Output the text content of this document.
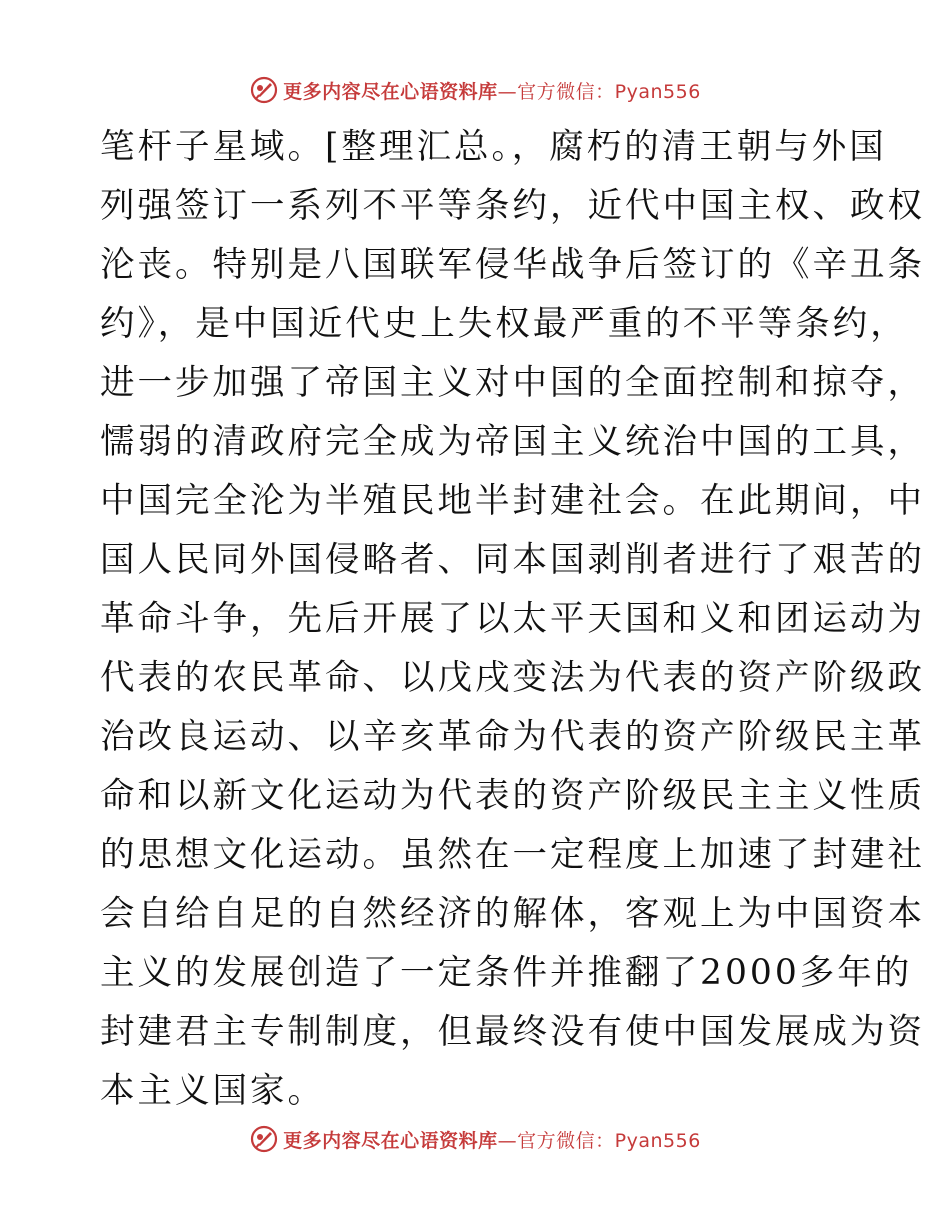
更多内容尽在心语资料库—官方微信：Pyan556
笔杆子星域。[整理汇总。，腐朽的清王朝与外国
列强签订一系列不平等条约，近代中国主权、政权
沦丧。特别是八国联军侵华战争后签订的《辛丑条
约》，是中国近代史上失权最严重的不平等条约，
进一步加强了帝国主义对中国的全面控制和掠夺，
懦弱的清政府完全成为帝国主义统治中国的工具，
中国完全沦为半殖民地半封建社会。在此期间，中
国人民同外国侵略者、同本国剥削者进行了艰苦的
革命斗争，先后开展了以太平天国和义和团运动为
代表的农民革命、以戊戌变法为代表的资产阶级政
治改良运动、以辛亥革命为代表的资产阶级民主革
命和以新文化运动为代表的资产阶级民主主义性质
的思想文化运动。虽然在一定程度上加速了封建社
会自给自足的自然经济的解体，客观上为中国资本
主义的发展创造了一定条件并推翻了2000多年的
封建君主专制制度，但最终没有使中国发展成为资
本主义国家。
更多内容尽在心语资料库—官方微信：Pyan556
